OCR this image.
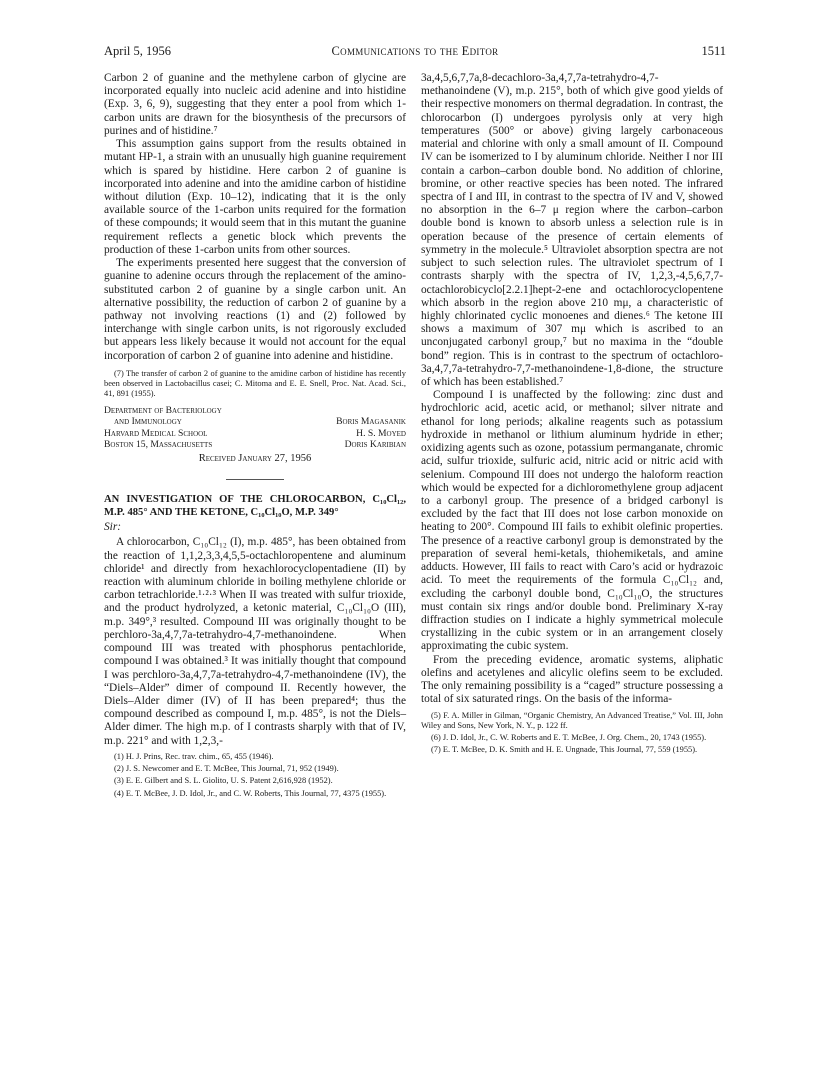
April 5, 1956	Communications to the Editor	1511

Carbon 2 of guanine and the methylene carbon of glycine are incorporated equally into nucleic acid adenine and into histidine (Exp. 3, 6, 9), suggesting that they enter a pool from which 1-carbon units are drawn for the biosynthesis of the precursors of purines and of histidine.⁷

This assumption gains support from the results obtained in mutant HP-1, a strain with an unusually high guanine requirement which is spared by histidine. Here carbon 2 of guanine is incorporated into adenine and into the amidine carbon of histidine without dilution (Exp. 10–12), indicating that it is the only available source of the 1-carbon units required for the formation of these compounds; it would seem that in this mutant the guanine requirement reflects a genetic block which prevents the production of these 1-carbon units from other sources.

The experiments presented here suggest that the conversion of guanine to adenine occurs through the replacement of the amino-substituted carbon 2 of guanine by a single carbon unit. An alternative possibility, the reduction of carbon 2 of guanine by a pathway not involving reactions (1) and (2) followed by interchange with single carbon units, is not rigorously excluded but appears less likely because it would not account for the equal incorporation of carbon 2 of guanine into adenine and histidine.

(7) The transfer of carbon 2 of guanine to the amidine carbon of histidine has recently been observed in Lactobacillus casei; C. Mitoma and E. E. Snell, Proc. Nat. Acad. Sci., 41, 891 (1955).

Department of Bacteriology
and Immunology	Boris Magasanik
Harvard Medical School	H. S. Moyed
Boston 15, Massachusetts	Doris Karibian
Received January 27, 1956

AN INVESTIGATION OF THE CHLOROCARBON, C₁₀Cl₁₂, M.P. 485° AND THE KETONE, C₁₀Cl₁₀O, M.P. 349°

Sir:

A chlorocarbon, C₁₀Cl₁₂ (I), m.p. 485°, has been obtained from the reaction of 1,1,2,3,3,4,5,5-octachloropentene and aluminum chloride¹ and directly from hexachlorocyclopentadiene (II) by reaction with aluminum chloride in boiling methylene chloride or carbon tetrachloride.¹·²·³ When II was treated with sulfur trioxide, and the product hydrolyzed, a ketonic material, C₁₀Cl₁₀O (III), m.p. 349°,³ resulted. Compound III was originally thought to be perchloro-3a,4,7,7a-tetrahydro-4,7-methanoindene. When compound III was treated with phosphorus pentachloride, compound I was obtained.³ It was initially thought that compound I was perchloro-3a,4,7,7a-tetrahydro-4,7-methanoindene (IV), the “Diels–Alder” dimer of compound II. Recently however, the Diels–Alder dimer (IV) of II has been prepared⁴; thus the compound described as compound I, m.p. 485°, is not the Diels–Alder dimer. The high m.p. of I contrasts sharply with that of IV, m.p. 221° and with 1,2,3,-

(1) H. J. Prins, Rec. trav. chim., 65, 455 (1946).

(2) J. S. Newcomer and E. T. McBee, This Journal, 71, 952 (1949).

(3) E. E. Gilbert and S. L. Giolito, U. S. Patent 2,616,928 (1952).

(4) E. T. McBee, J. D. Idol, Jr., and C. W. Roberts, This Journal, 77, 4375 (1955).

3a,4,5,6,7,7a,8-decachloro-3a,4,7,7a-tetrahydro-4,7-methanoindene (V), m.p. 215°, both of which give good yields of their respective monomers on thermal degradation. In contrast, the chlorocarbon (I) undergoes pyrolysis only at very high temperatures (500° or above) giving largely carbonaceous material and chlorine with only a small amount of II. Compound IV can be isomerized to I by aluminum chloride. Neither I nor III contain a carbon–carbon double bond. No addition of chlorine, bromine, or other reactive species has been noted. The infrared spectra of I and III, in contrast to the spectra of IV and V, showed no absorption in the 6–7 μ region where the carbon–carbon double bond is known to absorb unless a selection rule is in operation because of the presence of certain elements of symmetry in the molecule.⁵ Ultraviolet absorption spectra are not subject to such selection rules. The ultraviolet spectrum of I contrasts sharply with the spectra of IV, 1,2,3,-4,5,6,7,7-octachlorobicyclo[2.2.1]hept-2-ene and octachlorocyclopentene which absorb in the region above 210 mμ, a characteristic of highly chlorinated cyclic monoenes and dienes.⁶ The ketone III shows a maximum of 307 mμ which is ascribed to an unconjugated carbonyl group,⁷ but no maxima in the “double bond” region. This is in contrast to the spectrum of octachloro-3a,4,7,7a-tetrahydro-7,7-methanoindene-1,8-dione, the structure of which has been established.⁷

Compound I is unaffected by the following: zinc dust and hydrochloric acid, acetic acid, or methanol; silver nitrate and ethanol for long periods; alkaline reagents such as potassium hydroxide in methanol or lithium aluminum hydride in ether; oxidizing agents such as ozone, potassium permanganate, chromic acid, sulfur trioxide, sulfuric acid, nitric acid or nitric acid with selenium. Compound III does not undergo the haloform reaction which would be expected for a dichloromethylene group adjacent to a carbonyl group. The presence of a bridged carbonyl is excluded by the fact that III does not lose carbon monoxide on heating to 200°. Compound III fails to exhibit olefinic properties. The presence of a reactive carbonyl group is demonstrated by the preparation of several hemi-ketals, thiohemiketals, and amine adducts. However, III fails to react with Caro’s acid or hydrazoic acid. To meet the requirements of the formula C₁₀Cl₁₂ and, excluding the carbonyl double bond, C₁₀Cl₁₀O, the structures must contain six rings and/or double bond. Preliminary X-ray diffraction studies on I indicate a highly symmetrical molecule crystallizing in the cubic system or in an arrangement closely approximating the cubic system.

From the preceding evidence, aromatic systems, aliphatic olefins and acetylenes and alicylic olefins seem to be excluded. The only remaining possibility is a “caged” structure possessing a total of six saturated rings. On the basis of the informa-

(5) F. A. Miller in Gilman, “Organic Chemistry, An Advanced Treatise,” Vol. III, John Wiley and Sons, New York, N. Y., p. 122 ff.

(6) J. D. Idol, Jr., C. W. Roberts and E. T. McBee, J. Org. Chem., 20, 1743 (1955).

(7) E. T. McBee, D. K. Smith and H. E. Ungnade, This Journal, 77, 559 (1955).
